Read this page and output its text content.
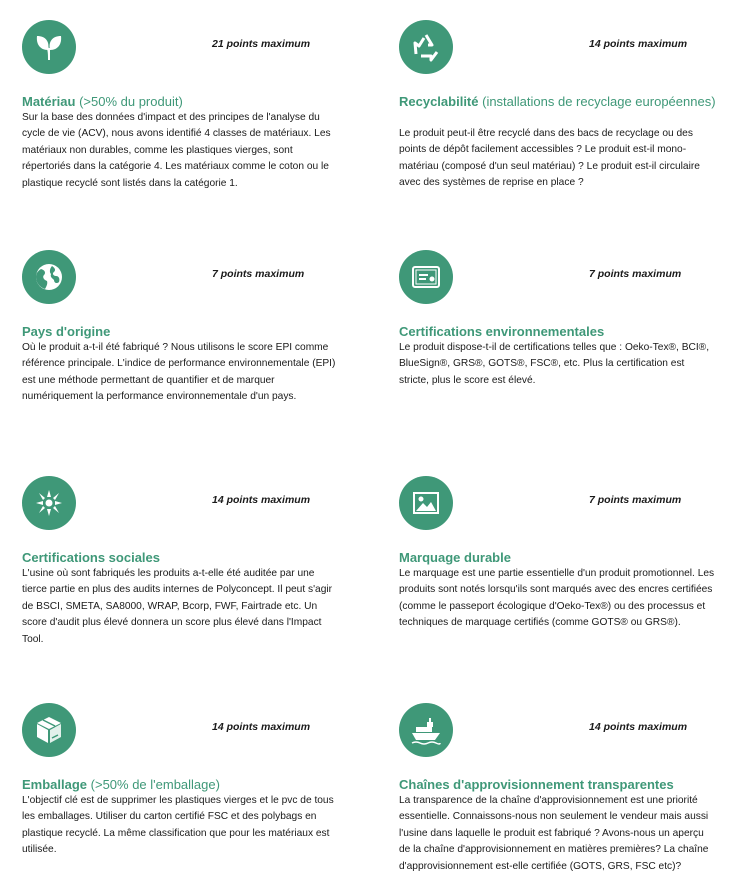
21 points maximum
Matériau (>50% du produit)
Sur la base des données d'impact et des principes de l'analyse du cycle de vie (ACV), nous avons identifié 4 classes de matériaux. Les matériaux non durables, comme les plastiques vierges, sont répertoriés dans la catégorie 4. Les matériaux comme le coton ou le plastique recyclé sont listés dans la catégorie 1.
14 points maximum
Recyclabilité (installations de recyclage européennes)
Le produit peut-il être recyclé dans des bacs de recyclage ou des points de dépôt facilement accessibles ? Le produit est-il mono-matériau (composé d'un seul matériau) ? Le produit est-il circulaire avec des systèmes de reprise en place ?
7 points maximum
Pays d'origine
Où le produit a-t-il été fabriqué ? Nous utilisons le score EPI comme référence principale. L'indice de performance environnementale (EPI) est une méthode permettant de quantifier et de marquer numériquement la performance environnementale d'un pays.
7 points maximum
Certifications environnementales
Le produit dispose-t-il de certifications telles que : Oeko-Tex®, BCI®, BlueSign®, GRS®, GOTS®, FSC®, etc. Plus la certification est stricte, plus le score est élevé.
14 points maximum
Certifications sociales
L'usine où sont fabriqués les produits a-t-elle été auditée par une tierce partie en plus des audits internes de Polyconcept. Il peut s'agir de BSCI, SMETA, SA8000, WRAP, Bcorp, FWF, Fairtrade etc. Un score d'audit plus élevé donnera un score plus élevé dans l'Impact Tool.
7 points maximum
Marquage durable
Le marquage est une partie essentielle d'un produit promotionnel. Les produits sont notés lorsqu'ils sont marqués avec des encres certifiées (comme le passeport écologique d'Oeko-Tex®) ou des processus et techniques de marquage certifiés (comme GOTS® ou GRS®).
14 points maximum
Emballage (>50% de l'emballage)
L'objectif clé est de supprimer les plastiques vierges et le pvc de tous les emballages. Utiliser du carton certifié FSC et des polybags en plastique recyclé. La même classification que pour les matériaux est utilisée.
14 points maximum
Chaînes d'approvisionnement transparentes
La transparence de la chaîne d'approvisionnement est une priorité essentielle. Connaissons-nous non seulement le vendeur mais aussi l'usine dans laquelle le produit est fabriqué ? Avons-nous un aperçu de la chaîne d'approvisionnement en matières premières? La chaîne d'approvisionnement est-elle certifiée (GOTS, GRS, FSC etc)?
